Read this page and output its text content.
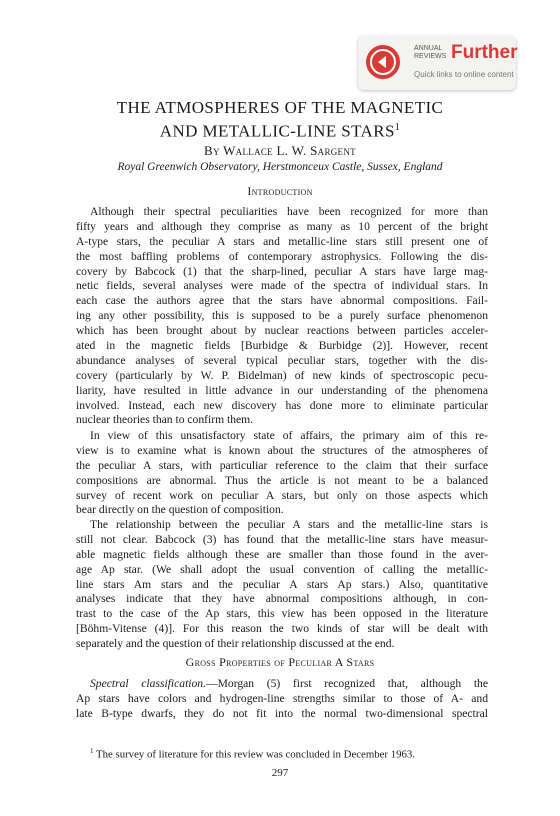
ANNUAL
REVIEWS Further
Quick links to online content
THE ATMOSPHERES OF THE MAGNETIC
AND METALLIC-LINE STARS$^1$
By Wallace L. W. Sargent
Royal Greenwich Observatory, Herstmonceux Castle, Sussex, England
Introduction
Although their spectral peculiarities have been recognized for more than
fifty years and although they comprise as many as 10 percent of the bright
A-type stars, the peculiar A stars and metallic-line stars still present one of
the most baffling problems of contemporary astrophysics. Following the dis-
covery by Babcock (1) that the sharp-lined, peculiar A stars have large mag-
netic fields, several analyses were made of the spectra of individual stars. In
each case the authors agree that the stars have abnormal compositions. Fail-
ing any other possibility, this is supposed to be a purely surface phenomenon
which has been brought about by nuclear reactions between particles acceler-
ated in the magnetic fields [Burbidge & Burbidge (2)]. However, recent
abundance analyses of several typical peculiar stars, together with the dis-
covery (particularly by W. P. Bidelman) of new kinds of spectroscopic pecu-
liarity, have resulted in little advance in our understanding of the phenomena
involved. Instead, each new discovery has done more to eliminate particular
nuclear theories than to confirm them.
In view of this unsatisfactory state of affairs, the primary aim of this re-
view is to examine what is known about the structures of the atmospheres of
the peculiar A stars, with particuliar reference to the claim that their surface
compositions are abnormal. Thus the article is not meant to be a balanced
survey of recent work on peculiar A stars, but only on those aspects which
bear directly on the question of composition.
The relationship between the peculiar A stars and the metallic-line stars is
still not clear. Babcock (3) has found that the metallic-line stars have measur-
able magnetic fields although these are smaller than those found in the aver-
age Ap star. (We shall adopt the usual convention of calling the metallic-
line stars Am stars and the peculiar A stars Ap stars.) Also, quantitative
analyses indicate that they have abnormal compositions although, in con-
trast to the case of the Ap stars, this view has been opposed in the literature
[Böhm-Vitense (4)]. For this reason the two kinds of star will be dealt with
separately and the question of their relationship discussed at the end.
Gross Properties of Peculiar A Stars
Spectral classification.—Morgan (5) first recognized that, although the
Ap stars have colors and hydrogen-line strengths similar to those of A- and
late B-type dwarfs, they do not fit into the normal two-dimensional spectral
$^1$ The survey of literature for this review was concluded in December 1963.
297
